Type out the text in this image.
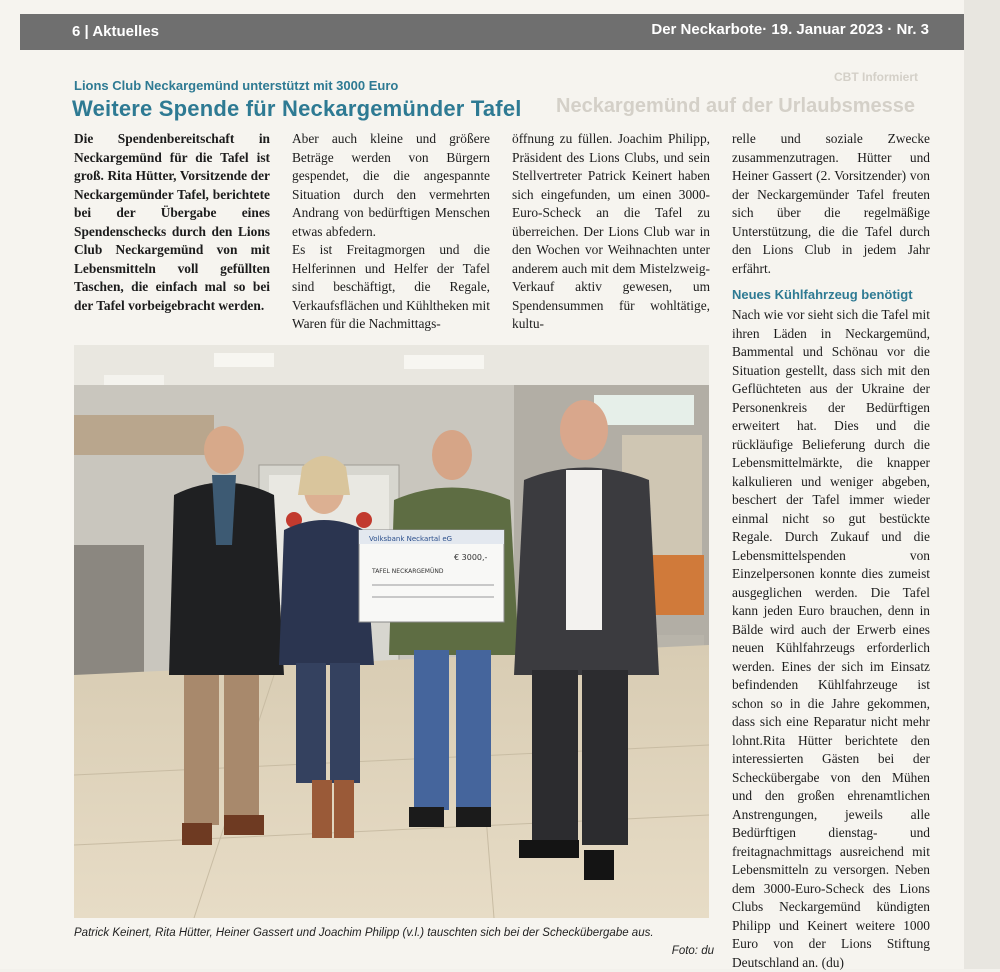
6 | Aktuelles	Der Neckarbote· 19. Januar 2023 · Nr. 3
CBT Informiert
Neckargemünd auf der Urlaubsmesse
Lions Club Neckargemünd unterstützt mit 3000 Euro
Weitere Spende für Neckargemünder Tafel

Die Spendenbereitschaft in Neckargemünd für die Tafel ist groß. Rita Hütter, Vorsitzende der Neckargemünder Tafel, berichtete bei der Übergabe eines Spendenschecks durch den Lions Club Neckargemünd von mit Lebensmitteln voll gefüllten Taschen, die einfach mal so bei der Tafel vorbeigebracht werden.

Aber auch kleine und größere Beträge werden von Bürgern gespendet, die die angespannte Situation durch den vermehrten Andrang von bedürftigen Menschen etwas abfedern.

Es ist Freitagmorgen und die Helferinnen und Helfer der Tafel sind beschäftigt, die Regale, Verkaufsflächen und Kühltheken mit Waren für die Nachmittags-

öffnung zu füllen. Joachim Philipp, Präsident des Lions Clubs, und sein Stellvertreter Patrick Keinert haben sich eingefunden, um einen 3000-Euro-Scheck an die Tafel zu überreichen. Der Lions Club war in den Wochen vor Weihnachten unter anderem auch mit dem Mistelzweig-Verkauf aktiv gewesen, um Spendensummen für wohltätige, kultu-

relle und soziale Zwecke zusammenzutragen. Hütter und Heiner Gassert (2. Vorsitzender) von der Neckargemünder Tafel freuten sich über die regelmäßige Unterstützung, die die Tafel durch den Lions Club in jedem Jahr erfährt.

Neues Kühlfahrzeug benötigt

Nach wie vor sieht sich die Tafel mit ihren Läden in Neckargemünd, Bammental und Schönau vor die Situation gestellt, dass sich mit den Geflüchteten aus der Ukraine der Personenkreis der Bedürftigen erweitert hat. Dies und die rückläufige Belieferung durch die Lebensmittelmärkte, die knapper kalkulieren und weniger abgeben, beschert der Tafel immer wieder einmal nicht so gut bestückte Regale. Durch Zukauf und die Lebensmittelspenden von Einzelpersonen konnte dies zumeist ausgeglichen werden. Die Tafel kann jeden Euro brauchen, denn in Bälde wird auch der Erwerb eines neuen Kühlfahrzeugs erforderlich werden. Eines der sich im Einsatz befindenden Kühlfahrzeuge ist schon so in die Jahre gekommen, dass sich eine Reparatur nicht mehr lohnt.Rita Hütter berichtete den interessierten Gästen bei der Scheckübergabe von den Mühen und den großen ehrenamtlichen Anstrengungen, jeweils alle Bedürftigen dienstag- und freitagnachmittags ausreichend mit Lebensmitteln zu versorgen. Neben dem 3000-Euro-Scheck des Lions Clubs Neckargemünd kündigten Philipp und Keinert weitere 1000 Euro von der Lions Stiftung Deutschland an. (du)

Volksbank Neckartal eG
€ 3000,-
TAFEL NECKARGEMÜND
Patrick Keinert, Rita Hütter, Heiner Gassert und Joachim Philipp (v.l.) tauschten sich bei der Scheckübergabe aus.
Foto: du
